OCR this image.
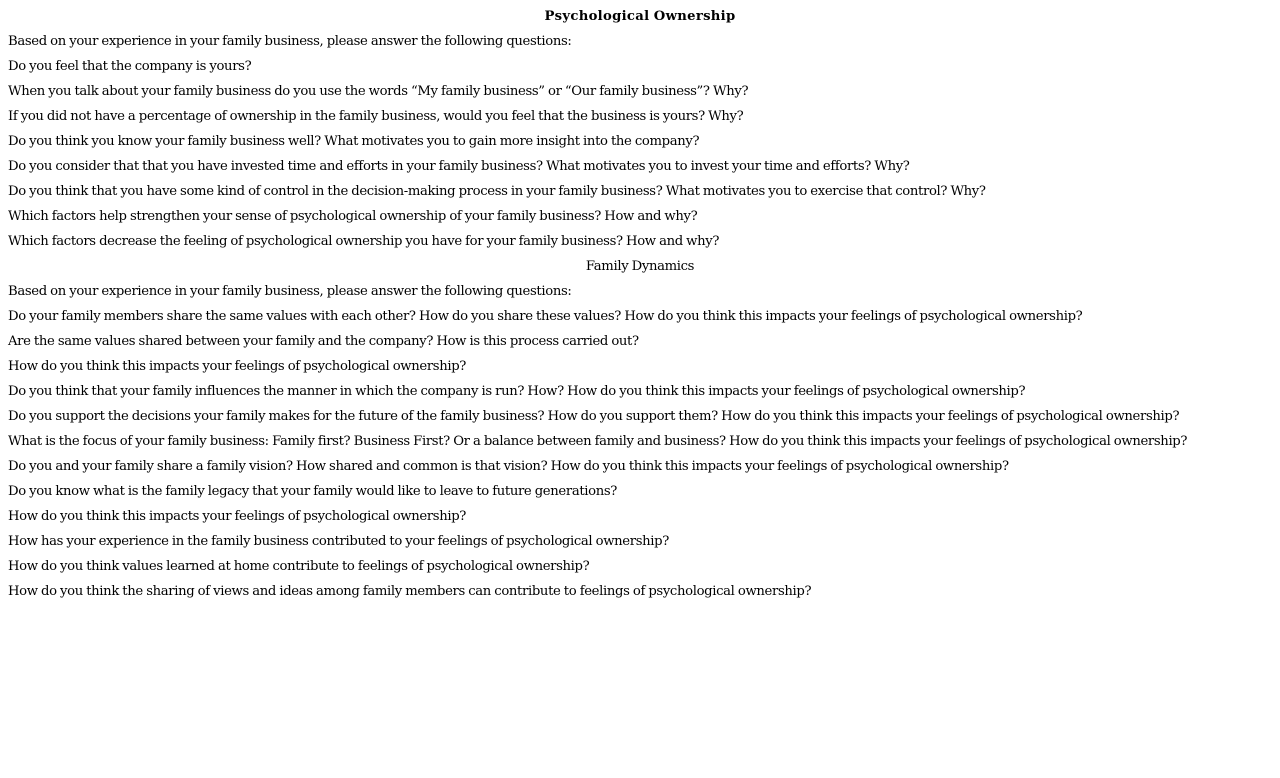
Psychological Ownership
Based on your experience in your family business, please answer the following questions:
Do you feel that the company is yours?
When you talk about your family business do you use the words “My family business” or “Our family business”? Why?
If you did not have a percentage of ownership in the family business, would you feel that the business is yours? Why?
Do you think you know your family business well? What motivates you to gain more insight into the company?
Do you consider that that you have invested time and efforts in your family business? What motivates you to invest your time and efforts? Why?
Do you think that you have some kind of control in the decision-making process in your family business? What motivates you to exercise that control? Why?
Which factors help strengthen your sense of psychological ownership of your family business? How and why?
Which factors decrease the feeling of psychological ownership you have for your family business? How and why?
Family Dynamics
Based on your experience in your family business, please answer the following questions:
Do your family members share the same values with each other? How do you share these values? How do you think this impacts your feelings of psychological ownership?
Are the same values shared between your family and the company? How is this process carried out?
How do you think this impacts your feelings of psychological ownership?
Do you think that your family influences the manner in which the company is run? How? How do you think this impacts your feelings of psychological ownership?
Do you support the decisions your family makes for the future of the family business? How do you support them? How do you think this impacts your feelings of psychological ownership?
What is the focus of your family business: Family first? Business First? Or a balance between family and business? How do you think this impacts your feelings of psychological ownership?
Do you and your family share a family vision? How shared and common is that vision? How do you think this impacts your feelings of psychological ownership?
Do you know what is the family legacy that your family would like to leave to future generations?
How do you think this impacts your feelings of psychological ownership?
How has your experience in the family business contributed to your feelings of psychological ownership?
How do you think values learned at home contribute to feelings of psychological ownership?
How do you think the sharing of views and ideas among family members can contribute to feelings of psychological ownership?
